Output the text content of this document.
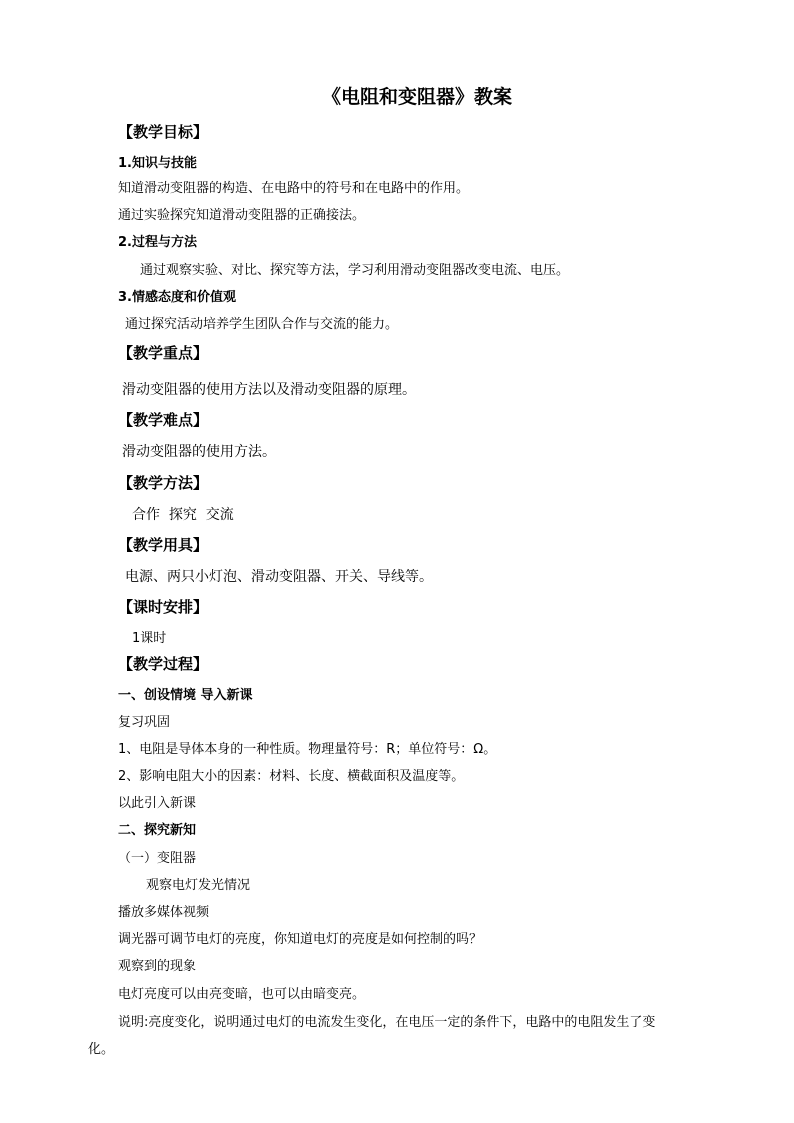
《电阻和变阻器》教案
【教学目标】
1.知识与技能
知道滑动变阻器的构造、在电路中的符号和在电路中的作用。
通过实验探究知道滑动变阻器的正确接法。
2.过程与方法
通过观察实验、对比、探究等方法，学习利用滑动变阻器改变电流、电压。
3.情感态度和价值观
通过探究活动培养学生团队合作与交流的能力。
【教学重点】
滑动变阻器的使用方法以及滑动变阻器的原理。
【教学难点】
滑动变阻器的使用方法。
【教学方法】
合作  探究  交流
【教学用具】
电源、两只小灯泡、滑动变阻器、开关、导线等。
【课时安排】
1课时
【教学过程】
一、创设情境 导入新课
复习巩固
1、电阻是导体本身的一种性质。物理量符号：R；单位符号：Ω。
2、影响电阻大小的因素：材料、长度、横截面积及温度等。
以此引入新课
二、探究新知
（一）变阻器
观察电灯发光情况
播放多媒体视频
调光器可调节电灯的亮度，你知道电灯的亮度是如何控制的吗？
观察到的现象
电灯亮度可以由亮变暗，也可以由暗变亮。
说明:亮度变化，说明通过电灯的电流发生变化，在电压一定的条件下，电路中的电阻发生了变
化。
